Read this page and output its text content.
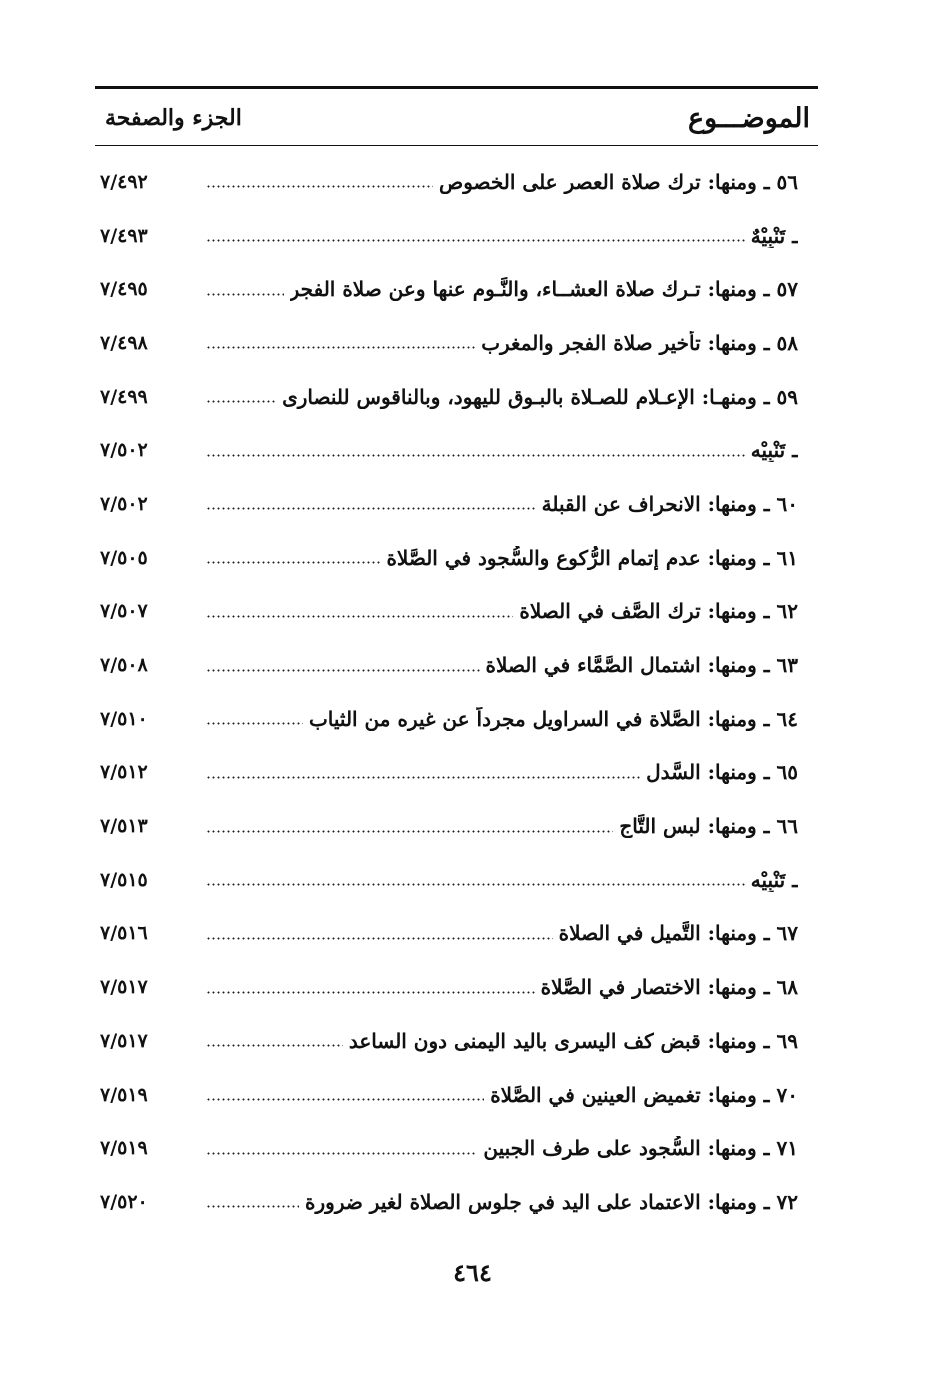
الموضـــوع
الجزء والصفحة
٥٦ ـ ومنها: ترك صلاة العصر على الخصوص
٧/٤٩٢
ـ تَنْبِيْهٌ
٧/٤٩٣
٥٧ ـ ومنها: تـرك صلاة العشــاء، والنَّـوم عنها وعن صلاة الفجر
٧/٤٩٥
٥٨ ـ ومنها: تأخير صلاة الفجر والمغرب
٧/٤٩٨
٥٩ ـ ومنهـا: الإعـلام للصـلاة بالبـوق لليهود، وبالناقوس للنصارى
٧/٤٩٩
ـ تَنْبِيْه
٧/٥٠٢
٦٠ ـ ومنها: الانحراف عن القبلة
٧/٥٠٢
٦١ ـ ومنها: عدم إتمام الرُّكوع والسُّجود في الصَّلاة
٧/٥٠٥
٦٢ ـ ومنها: ترك الصَّف في الصلاة
٧/٥٠٧
٦٣ ـ ومنها: اشتمال الصَّمَّاء في الصلاة
٧/٥٠٨
٦٤ ـ ومنها: الصَّلاة في السراويل مجرداً عن غيره من الثياب
٧/٥١٠
٦٥ ـ ومنها: السَّدل
٧/٥١٢
٦٦ ـ ومنها: لبس التَّاج
٧/٥١٣
ـ تَنْبِيْه
٧/٥١٥
٦٧ ـ ومنها: التَّميل في الصلاة
٧/٥١٦
٦٨ ـ ومنها: الاختصار في الصَّلاة
٧/٥١٧
٦٩ ـ ومنها: قبض كف اليسرى باليد اليمنى دون الساعد
٧/٥١٧
٧٠ ـ ومنها: تغميض العينين في الصَّلاة
٧/٥١٩
٧١ ـ ومنها: السُّجود على طرف الجبين
٧/٥١٩
٧٢ ـ ومنها: الاعتماد على اليد في جلوس الصلاة لغير ضرورة
٧/٥٢٠
٤٦٤
